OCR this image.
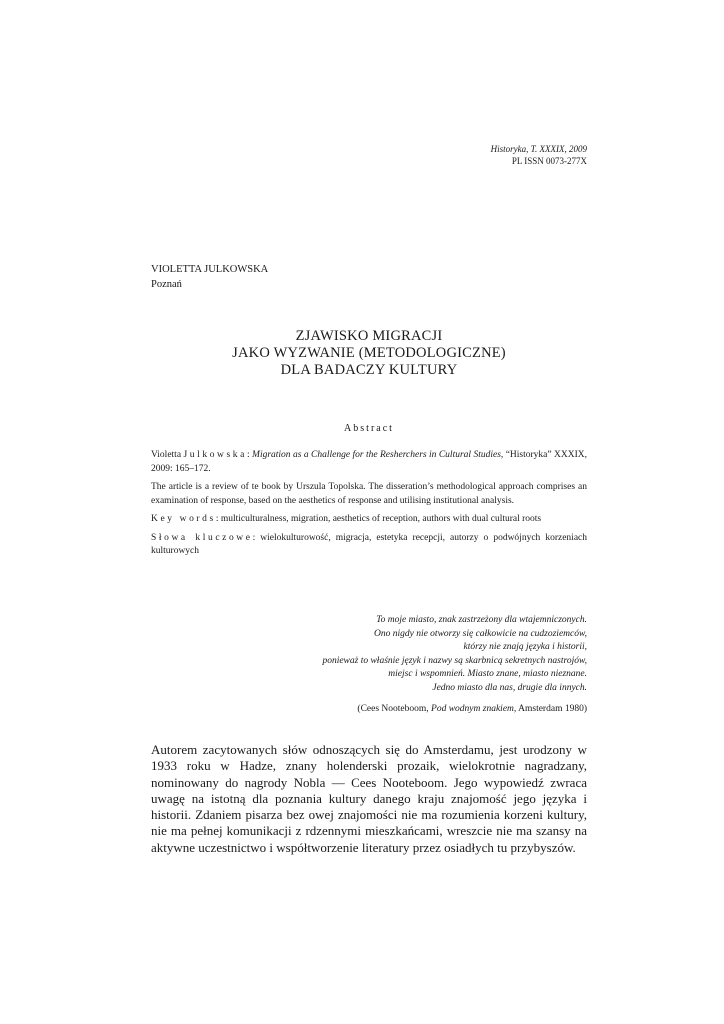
Historyka, T. XXXIX, 2009
PL ISSN 0073-277X
VIOLETTA JULKOWSKA
Poznań
ZJAWISKO MIGRACJI
JAKO WYZWANIE (METODOLOGICZNE)
DLA BADACZY KULTURY
Abstract

Violetta Julkowska: Migration as a Challenge for the Resherchers in Cultural Studies, “Historyka” XXXIX, 2009: 165–172.

The article is a review of te book by Urszula Topolska. The disseration’s methodological approach comprises an examination of response, based on the aesthetics of response and utilising institutional analysis.

Key words: multiculturalness, migration, aesthetics of reception, authors with dual cultural roots

Słowa kluczowe: wielokulturowość, migracja, estetyka recepcji, autorzy o podwójnych korzeniach kulturowych

To moje miasto, znak zastrzeżony dla wtajemniczonych.
Ono nigdy nie otworzy się całkowicie na cudzoziemców,
którzy nie znają języka i historii,
ponieważ to właśnie język i nazwy są skarbnicą sekretnych nastrojów,
miejsc i wspomnień. Miasto znane, miasto nieznane.
Jedno miasto dla nas, drugie dla innych.
(Cees Nooteboom, Pod wodnym znakiem, Amsterdam 1980)

Autorem zacytowanych słów odnoszących się do Amsterdamu, jest urodzony w 1933 roku w Hadze, znany holenderski prozaik, wielokrotnie nagradzany, nominowany do nagrody Nobla — Cees Nooteboom. Jego wypowiedź zwraca uwagę na istotną dla poznania kultury danego kraju znajomość jego języka i historii. Zdaniem pisarza bez owej znajomości nie ma rozumienia korzeni kultury, nie ma pełnej komunikacji z rdzennymi mieszkańcami, wreszcie nie ma szansy na aktywne uczestnictwo i współtworzenie literatury przez osiadłych tu przybyszów.
